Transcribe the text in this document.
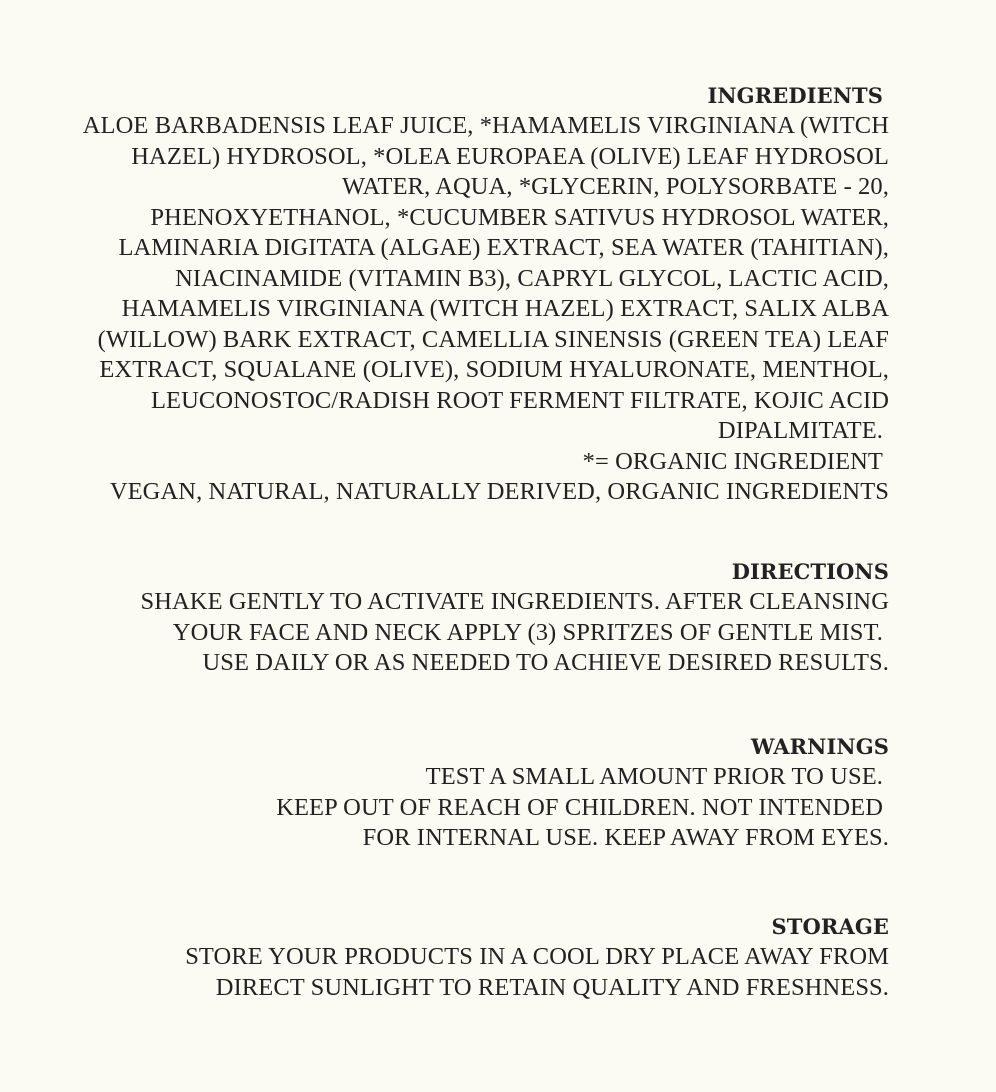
INGREDIENTS
ALOE BARBADENSIS LEAF JUICE, *HAMAMELIS VIRGINIANA (WITCH
HAZEL) HYDROSOL, *OLEA EUROPAEA (OLIVE) LEAF HYDROSOL
WATER, AQUA, *GLYCERIN, POLYSORBATE - 20,
PHENOXYETHANOL, *CUCUMBER SATIVUS HYDROSOL WATER,
LAMINARIA DIGITATA (ALGAE) EXTRACT, SEA WATER (TAHITIAN),
NIACINAMIDE (VITAMIN B3), CAPRYL GLYCOL, LACTIC ACID,
HAMAMELIS VIRGINIANA (WITCH HAZEL) EXTRACT, SALIX ALBA
(WILLOW) BARK EXTRACT, CAMELLIA SINENSIS (GREEN TEA) LEAF
EXTRACT, SQUALANE (OLIVE), SODIUM HYALURONATE, MENTHOL,
LEUCONOSTOC/RADISH ROOT FERMENT FILTRATE, KOJIC ACID
DIPALMITATE.
*= ORGANIC INGREDIENT
VEGAN, NATURAL, NATURALLY DERIVED, ORGANIC INGREDIENTS
DIRECTIONS
SHAKE GENTLY TO ACTIVATE INGREDIENTS. AFTER CLEANSING
YOUR FACE AND NECK APPLY (3) SPRITZES OF GENTLE MIST.
USE DAILY OR AS NEEDED TO ACHIEVE DESIRED RESULTS.
WARNINGS
TEST A SMALL AMOUNT PRIOR TO USE.
KEEP OUT OF REACH OF CHILDREN. NOT INTENDED
FOR INTERNAL USE. KEEP AWAY FROM EYES.
STORAGE
STORE YOUR PRODUCTS IN A COOL DRY PLACE AWAY FROM
DIRECT SUNLIGHT TO RETAIN QUALITY AND FRESHNESS.
